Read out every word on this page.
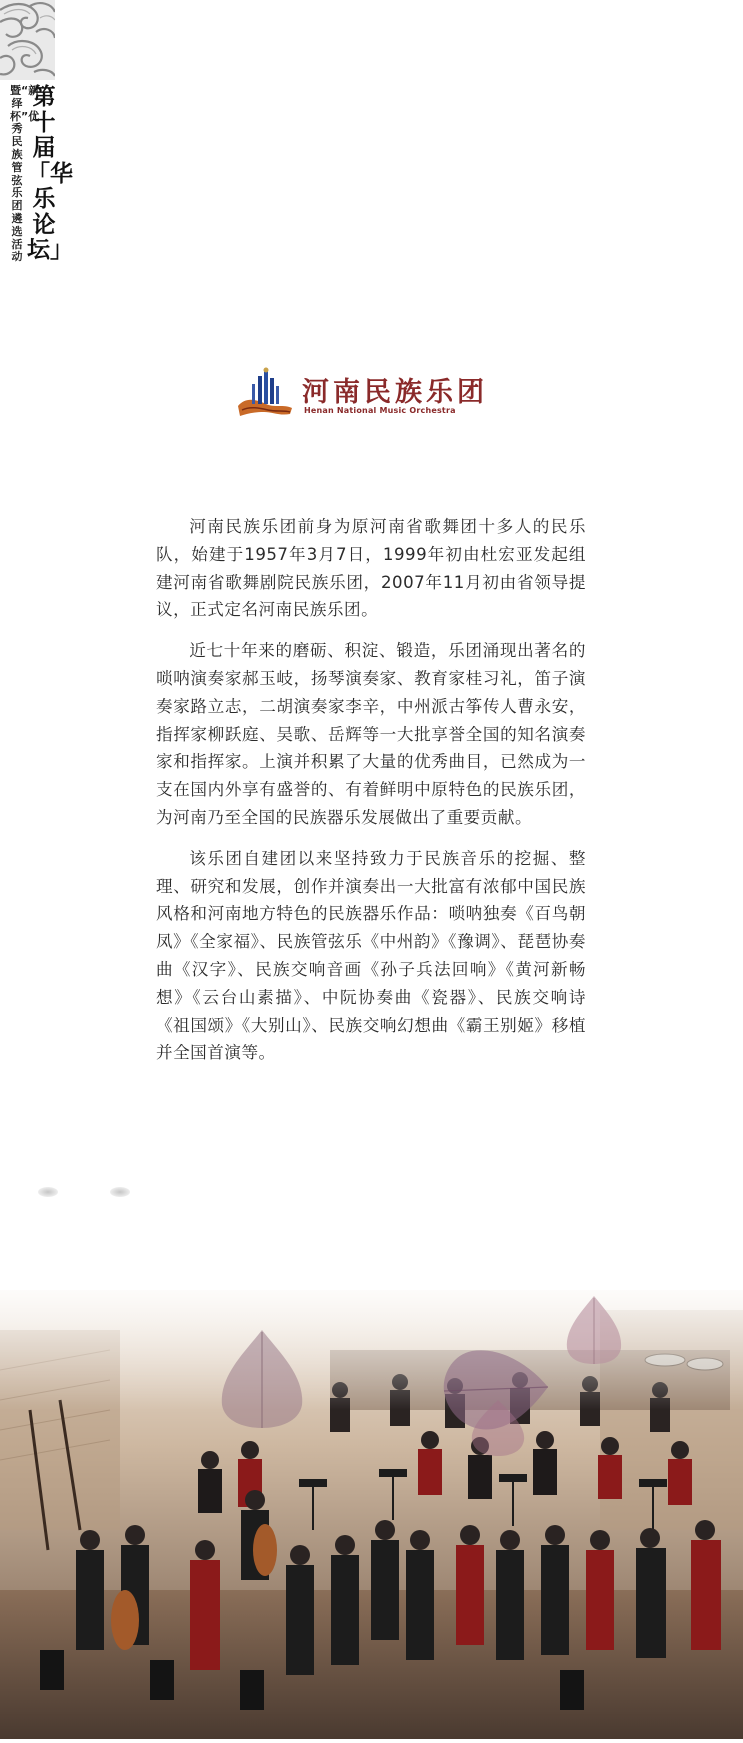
第十届「华乐论坛」
暨“新绎杯”优秀民族管弦乐团遴选活动
河南民族乐团
Henan National Music Orchestra

河南民族乐团前身为原河南省歌舞团十多人的民乐队，始建于1957年3月7日，1999年初由杜宏亚发起组建河南省歌舞剧院民族乐团，2007年11月初由省领导提议，正式定名河南民族乐团。

近七十年来的磨砺、积淀、锻造，乐团涌现出著名的唢呐演奏家郝玉岐，扬琴演奏家、教育家桂习礼，笛子演奏家路立志，二胡演奏家李辛，中州派古筝传人曹永安，指挥家柳跃庭、吴歌、岳辉等一大批享誉全国的知名演奏家和指挥家。上演并积累了大量的优秀曲目，已然成为一支在国内外享有盛誉的、有着鲜明中原特色的民族乐团，为河南乃至全国的民族器乐发展做出了重要贡献。

该乐团自建团以来坚持致力于民族音乐的挖掘、整理、研究和发展，创作并演奏出一大批富有浓郁中国民族风格和河南地方特色的民族器乐作品：唢呐独奏《百鸟朝凤》《全家福》、民族管弦乐《中州韵》《豫调》、琵琶协奏曲《汉字》、民族交响音画《孙子兵法回响》《黄河新畅想》《云台山素描》、中阮协奏曲《瓷器》、民族交响诗《祖国颂》《大别山》、民族交响幻想曲《霸王别姬》移植并全国首演等。
